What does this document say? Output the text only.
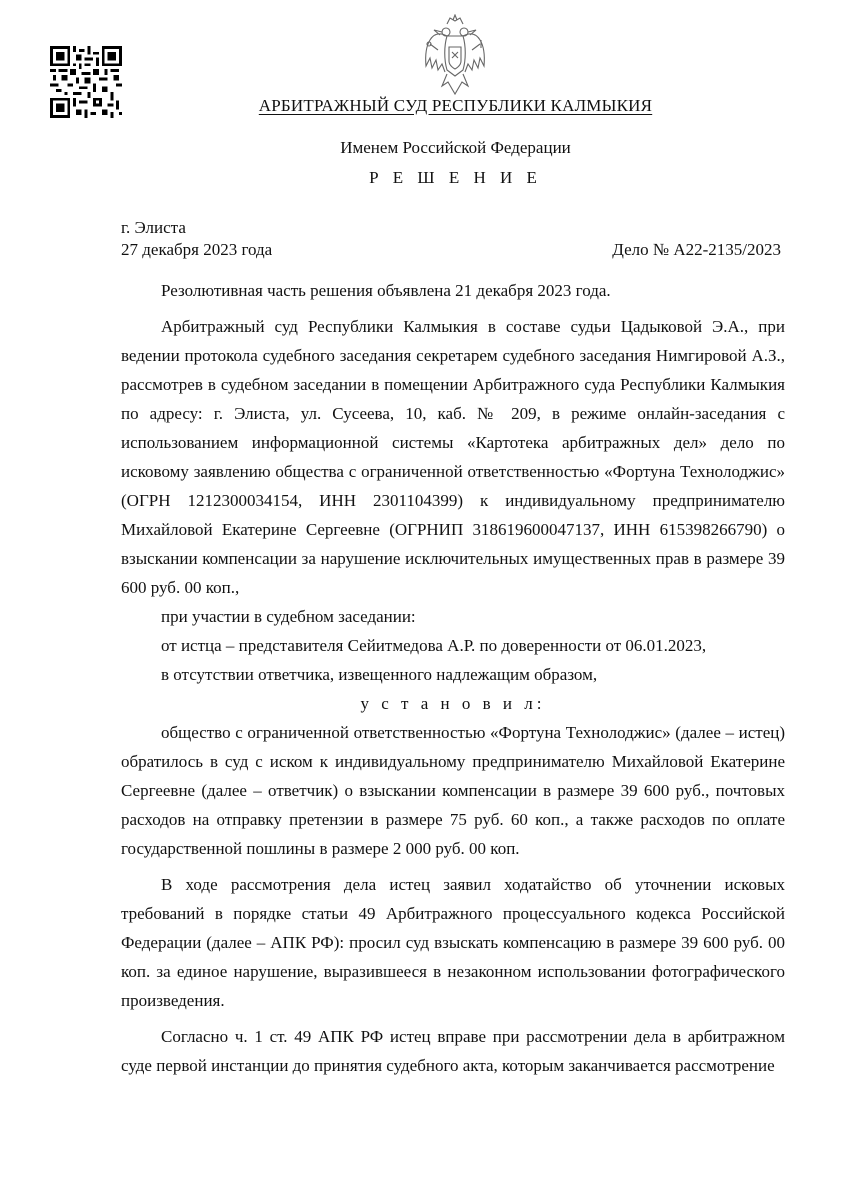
АРБИТРАЖНЫЙ СУД РЕСПУБЛИКИ КАЛМЫКИЯ
Именем Российской Федерации
Р Е Ш Е Н И Е
г. Элиста
27 декабря 2023 года	Дело № А22-2135/2023

Резолютивная часть решения объявлена 21 декабря 2023 года.

Арбитражный суд Республики Калмыкия в составе судьи Цадыковой Э.А., при ведении протокола судебного заседания секретарем судебного заседания Нимгировой А.З., рассмотрев в судебном заседании в помещении Арбитражного суда Республики Калмыкия по адресу: г. Элиста, ул. Сусеева, 10, каб. № 209, в режиме онлайн-заседания с использованием информационной системы «Картотека арбитражных дел» дело по исковому заявлению общества с ограниченной ответственностью «Фортуна Технолоджис» (ОГРН 1212300034154, ИНН 2301104399) к индивидуальному предпринимателю Михайловой Екатерине Сергеевне (ОГРНИП 318619600047137, ИНН 615398266790) о взыскании компенсации за нарушение исключительных имущественных прав в размере 39 600 руб. 00 коп.,

при участии в судебном заседании:

от истца – представителя Сейитмедова А.Р. по доверенности от 06.01.2023,

в отсутствии ответчика, извещенного надлежащим образом,

у с т а н о в и л:

общество с ограниченной ответственностью «Фортуна Технолоджис» (далее – истец) обратилось в суд с иском к индивидуальному предпринимателю Михайловой Екатерине Сергеевне (далее – ответчик) о взыскании компенсации в размере 39 600 руб., почтовых расходов на отправку претензии в размере 75 руб. 60 коп., а также расходов по оплате государственной пошлины в размере 2 000 руб. 00 коп.

В ходе рассмотрения дела истец заявил ходатайство об уточнении исковых требований в порядке статьи 49 Арбитражного процессуального кодекса Российской Федерации (далее – АПК РФ): просил суд взыскать компенсацию в размере 39 600 руб. 00 коп. за единое нарушение, выразившееся в незаконном использовании фотографического произведения.

Согласно ч. 1 ст. 49 АПК РФ истец вправе при рассмотрении дела в арбитражном суде первой инстанции до принятия судебного акта, которым заканчивается рассмотрение
